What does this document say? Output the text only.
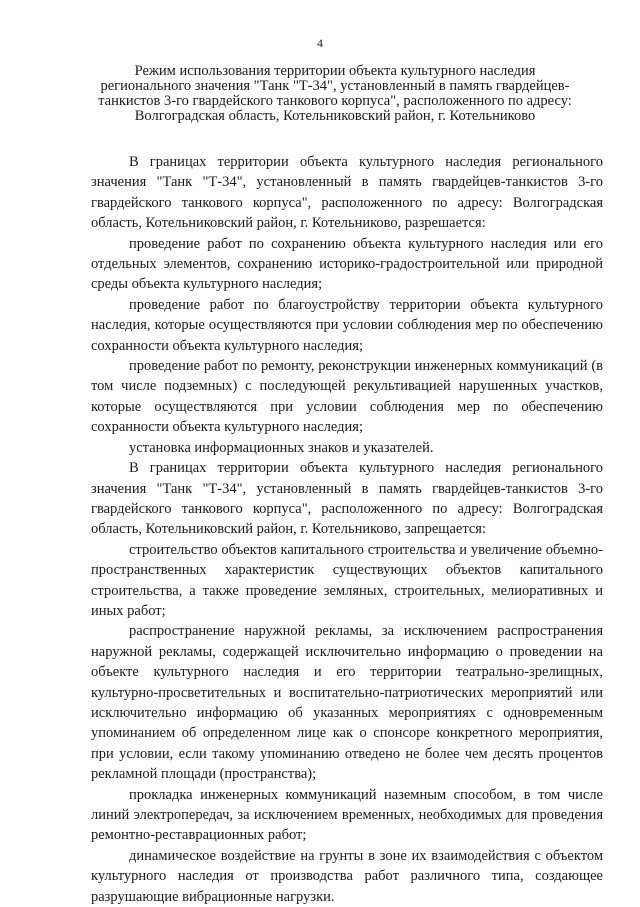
4
Режим использования территории объекта культурного наследия
регионального значения "Танк "Т-34", установленный в память гвардейцев-
танкистов 3-го гвардейского танкового корпуса", расположенного по адресу:
Волгоградская область, Котельниковский район, г. Котельниково

В границах территории объекта культурного наследия регионального значения "Танк "Т-34", установленный в память гвардейцев-танкистов 3-го гвардейского танкового корпуса", расположенного по адресу: Волгоградская область, Котельниковский район, г. Котельниково, разрешается:

проведение работ по сохранению объекта культурного наследия или его отдельных элементов, сохранению историко-градостроительной или природной среды объекта культурного наследия;

проведение работ по благоустройству территории объекта культурного наследия, которые осуществляются при условии соблюдения мер по обеспечению сохранности объекта культурного наследия;

проведение работ по ремонту, реконструкции инженерных коммуникаций (в том числе подземных) с последующей рекультивацией нарушенных участков, которые осуществляются при условии соблюдения мер по обеспечению сохранности объекта культурного наследия;

установка информационных знаков и указателей.

В границах территории объекта культурного наследия регионального значения "Танк "Т-34", установленный в память гвардейцев-танкистов 3-го гвардейского танкового корпуса", расположенного по адресу: Волгоградская область, Котельниковский район, г. Котельниково, запрещается:

строительство объектов капитального строительства и увеличение объемно-пространственных характеристик существующих объектов капитального строительства, а также проведение земляных, строительных, мелиоративных и иных работ;

распространение наружной рекламы, за исключением распространения наружной рекламы, содержащей исключительно информацию о проведении на объекте культурного наследия и его территории театрально-зрелищных, культурно-просветительных и воспитательно-патриотических мероприятий или исключительно информацию об указанных мероприятиях с одновременным упоминанием об определенном лице как о спонсоре конкретного мероприятия, при условии, если такому упоминанию отведено не более чем десять процентов рекламной площади (пространства);

прокладка инженерных коммуникаций наземным способом, в том числе линий электропередач, за исключением временных, необходимых для проведения ремонтно-реставрационных работ;

динамическое воздействие на грунты в зоне их взаимодействия с объектом культурного наследия от производства работ различного типа, создающее разрушающие вибрационные нагрузки.
